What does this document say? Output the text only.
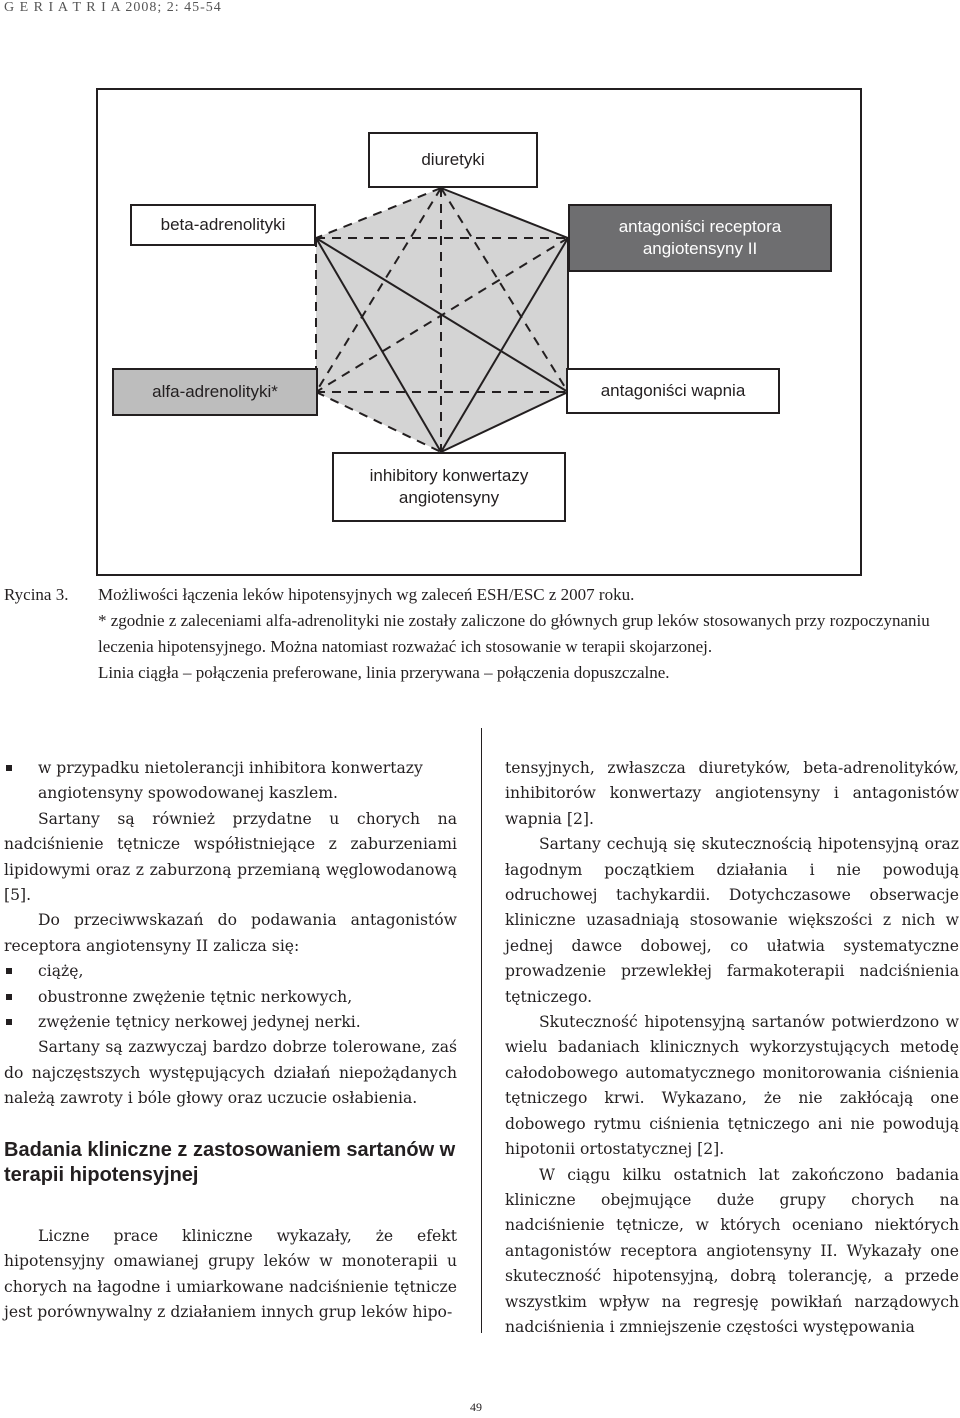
G E R I A T R I A 2008; 2: 45-54
diuretyki
beta-adrenolityki	antagoniści receptora
angiotensyny II
alfa-adrenolityki*	antagoniści wapnia
inhibitory konwertazy
angiotensyny
Rycina 3. Możliwości łączenia leków hipotensyjnych wg zaleceń ESH/ESC z 2007 roku.

* zgodnie z zaleceniami alfa-adrenolityki nie zostały zaliczone do głównych grup leków stosowanych przy rozpoczynaniu leczenia hipotensyjnego. Można natomiast rozważać ich stosowanie w terapii skojarzonej.

Linia ciągła – połączenia preferowane, linia przerywana – połączenia dopuszczalne.

w przypadku nietolerancji inhibitora konwertazy angiotensyny spowodowanej kaszlem.

Sartany są również przydatne u chorych na nadciśnienie tętnicze współistniejące z zaburzeniami lipidowymi oraz z zaburzoną przemianą węglowodanową [5].

Do przeciwwskazań do podawania antagonistów receptora angiotensyny II zalicza się:

ciążę,

obustronne zwężenie tętnic nerkowych,

zwężenie tętnicy nerkowej jedynej nerki.

Sartany są zazwyczaj bardzo dobrze tolerowane, zaś do najczęstszych występujących działań niepożądanych należą zawroty i bóle głowy oraz uczucie osłabienia.

Badania kliniczne z zastosowaniem sartanów w terapii hipotensyjnej

Liczne prace kliniczne wykazały, że efekt hipotensyjny omawianej grupy leków w monoterapii u chorych na łagodne i umiarkowane nadciśnienie tętnicze jest porównywalny z działaniem innych grup leków hipo-

tensyjnych, zwłaszcza diuretyków, beta-adrenolityków, inhibitorów konwertazy angiotensyny i antagonistów wapnia [2].

Sartany cechują się skutecznością hipotensyjną oraz łagodnym początkiem działania i nie powodują odruchowej tachykardii. Dotychczasowe obserwacje kliniczne uzasadniają stosowanie większości z nich w jednej dawce dobowej, co ułatwia systematyczne prowadzenie przewlekłej farmakoterapii nadciśnienia tętniczego.

Skuteczność hipotensyjną sartanów potwierdzono w wielu badaniach klinicznych wykorzystujących metodę całodobowego automatycznego monitorowania ciśnienia tętniczego krwi. Wykazano, że nie zakłócają one dobowego rytmu ciśnienia tętniczego ani nie powodują hipotonii ortostatycznej [2].

W ciągu kilku ostatnich lat zakończono badania kliniczne obejmujące duże grupy chorych na nadciśnienie tętnicze, w których oceniano niektórych antagonistów receptora angiotensyny II. Wykazały one skuteczność hipotensyjną, dobrą tolerancję, a przede wszystkim wpływ na regresję powikłań narządowych nadciśnienia i zmniejszenie częstości występowania

49
